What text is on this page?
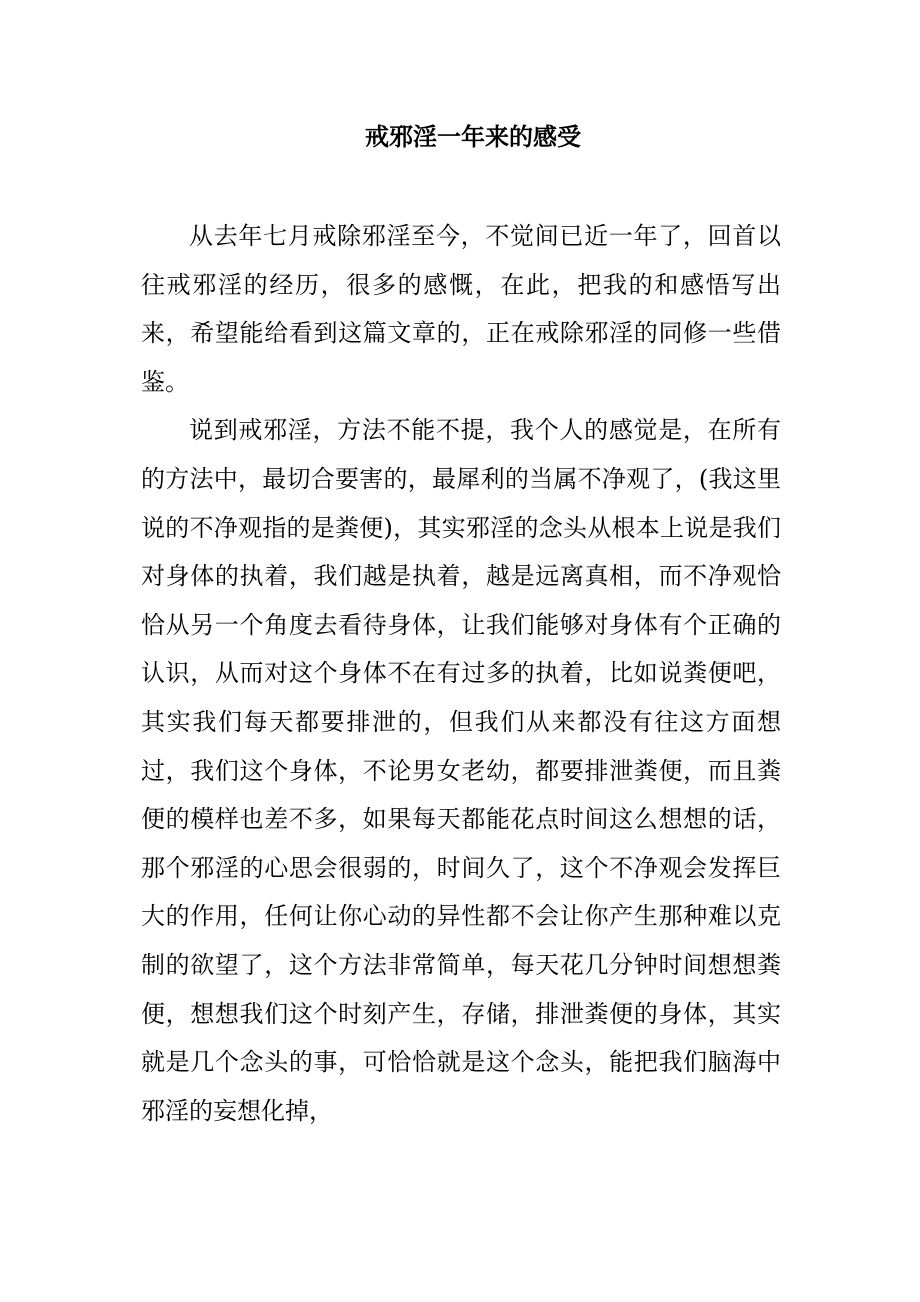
戒邪淫一年来的感受

从去年七月戒除邪淫至今，不觉间已近一年了，回首以往戒邪淫的经历，很多的感慨，在此，把我的和感悟写出来，希望能给看到这篇文章的，正在戒除邪淫的同修一些借鉴。

说到戒邪淫，方法不能不提，我个人的感觉是，在所有的方法中，最切合要害的，最犀利的当属不净观了，(我这里说的不净观指的是粪便)，其实邪淫的念头从根本上说是我们对身体的执着，我们越是执着，越是远离真相，而不净观恰恰从另一个角度去看待身体，让我们能够对身体有个正确的认识，从而对这个身体不在有过多的执着，比如说粪便吧，其实我们每天都要排泄的，但我们从来都没有往这方面想过，我们这个身体，不论男女老幼，都要排泄粪便，而且粪便的模样也差不多，如果每天都能花点时间这么想想的话，那个邪淫的心思会很弱的，时间久了，这个不净观会发挥巨大的作用，任何让你心动的异性都不会让你产生那种难以克制的欲望了，这个方法非常简单，每天花几分钟时间想想粪便，想想我们这个时刻产生，存储，排泄粪便的身体，其实就是几个念头的事，可恰恰就是这个念头，能把我们脑海中邪淫的妄想化掉，
